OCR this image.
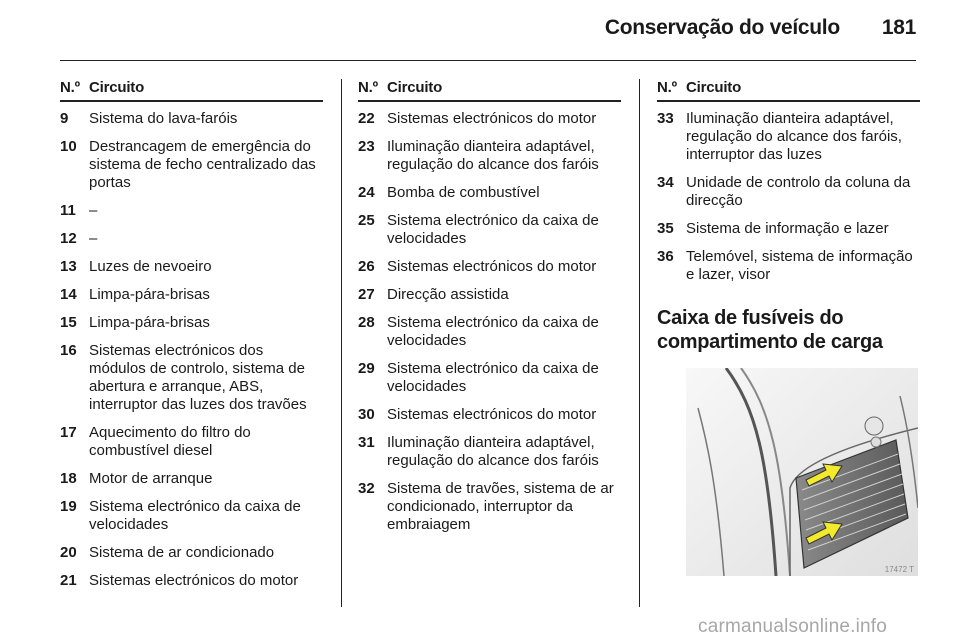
Conservação do veículo 181
N.º Circuito
9	Sistema do lava-faróis
10 Destrancagem de emergência do sistema de fecho centralizado das portas
11 –
12 –
13 Luzes de nevoeiro
14 Limpa-pára-brisas
15 Limpa-pára-brisas
16 Sistemas electrónicos dos módulos de controlo, sistema de abertura e arranque, ABS, interruptor das luzes dos travões
17 Aquecimento do filtro do combustível diesel
18 Motor de arranque
19 Sistema electrónico da caixa de velocidades
20 Sistema de ar condicionado
21 Sistemas electrónicos do motor
N.º Circuito
22 Sistemas electrónicos do motor
23 Iluminação dianteira adaptável, regulação do alcance dos faróis
24 Bomba de combustível
25 Sistema electrónico da caixa de velocidades
26 Sistemas electrónicos do motor
27 Direcção assistida
28 Sistema electrónico da caixa de velocidades
29 Sistema electrónico da caixa de velocidades
30 Sistemas electrónicos do motor
31 Iluminação dianteira adaptável, regulação do alcance dos faróis
32 Sistema de travões, sistema de ar condicionado, interruptor da embraiagem
N.º Circuito
33 Iluminação dianteira adaptável, regulação do alcance dos faróis, interruptor das luzes
34 Unidade de controlo da coluna da direcção
35 Sistema de informação e lazer
36 Telemóvel, sistema de informação e lazer, visor
Caixa de fusíveis do compartimento de carga
17472 T
carmanualsonline.info
